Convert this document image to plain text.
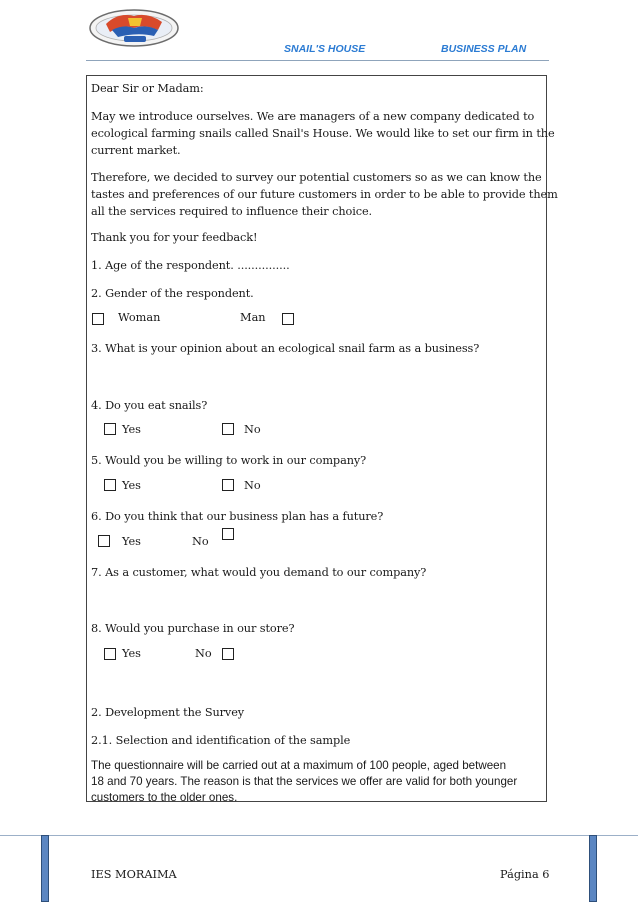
SNAIL'S HOUSE	BUSINESS PLAN
Dear Sir or Madam:
May we introduce ourselves. We are managers of a new company dedicated to
ecological farming snails called Snail's House. We would like to set our firm in the
current market.
Therefore, we decided to survey our potential customers so as we can know the
tastes and preferences of our future customers in order to be able to provide them
all the services required to influence their choice.
Thank you for your feedback!
1. Age of the respondent. ...............
2. Gender of the respondent.
Woman	Man
3. What is your opinion about an ecological snail farm as a business?
4. Do you eat snails?
Yes	No
5. Would you be willing to work in our company?
Yes	No
6. Do you think that our business plan has a future?
Yes	No
7. As a customer, what would you demand to our company?
8. Would you purchase in our store?
Yes	No
2. Development the Survey
2.1. Selection and identification of the sample
The questionnaire will be carried out at a maximum of 100 people, aged between
18 and 70 years. The reason is that the services we offer are valid for both younger
customers to the older ones.
IES MORAIMA	Página 6
